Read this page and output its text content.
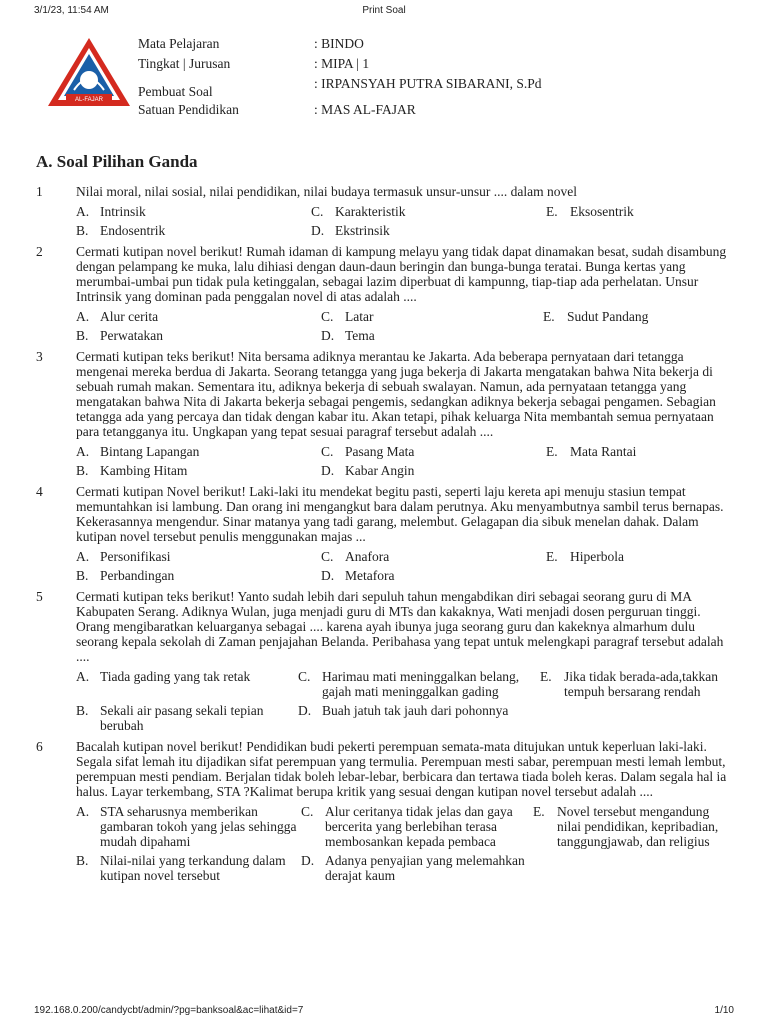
3/1/23, 11:54 AM	Print Soal
AL-FAJAR
Mata Pelajaran	: BINDO
Tingkat | Jurusan	: MIPA | 1
Pembuat Soal
: IRPANSYAH PUTRA SIBARANI, S.Pd
Satuan Pendidikan	: MAS AL-FAJAR
A. Soal Pilihan Ganda
1	Nilai moral, nilai sosial, nilai pendidikan, nilai budaya termasuk unsur-unsur .... dalam novel
A. Intrinsik	C. Karakteristik	E. Eksosentrik
B. Endosentrik	D. Ekstrinsik
2	Cermati kutipan novel berikut! Rumah idaman di kampung melayu yang tidak dapat dinamakan besat, sudah disambung dengan pelampang ke muka, lalu dihiasi dengan daun-daun beringin dan bunga-bunga teratai. Bunga kertas yang merumbai-umbai pun tidak pula ketinggalan, sebagai lazim diperbuat di kampunng, tiap-tiap ada perhelatan. Unsur Intrinsik yang dominan pada penggalan novel di atas adalah ....
A. Alur cerita	C. Latar	E. Sudut Pandang
B. Perwatakan	D. Tema
3	Cermati kutipan teks berikut! Nita bersama adiknya merantau ke Jakarta. Ada beberapa pernyataan dari tetangga mengenai mereka berdua di Jakarta. Seorang tetangga yang juga bekerja di Jakarta mengatakan bahwa Nita bekerja di sebuah rumah makan. Sementara itu, adiknya bekerja di sebuah swalayan. Namun, ada pernyataan tetangga yang mengatakan bahwa Nita di Jakarta bekerja sebagai pengemis, sedangkan adiknya bekerja sebagai pengamen. Sebagian tetangga ada yang percaya dan tidak dengan kabar itu. Akan tetapi, pihak keluarga Nita membantah semua pernyataan para tetangganya itu. Ungkapan yang tepat sesuai paragraf tersebut adalah ....
A. Bintang Lapangan	C. Pasang Mata	E. Mata Rantai
B. Kambing Hitam	D. Kabar Angin
4	Cermati kutipan Novel berikut! Laki-laki itu mendekat begitu pasti, seperti laju kereta api menuju stasiun tempat memuntahkan isi lambung. Dan orang ini mengangkut bara dalam perutnya. Aku menyambutnya sambil terus bernapas. Kekerasannya mengendur. Sinar matanya yang tadi garang, melembut. Gelagapan dia sibuk menelan dahak. Dalam kutipan novel tersebut penulis menggunakan majas ...
A. Personifikasi	C. Anafora	E. Hiperbola
B. Perbandingan	D. Metafora
5	Cermati kutipan teks berikut! Yanto sudah lebih dari sepuluh tahun mengabdikan diri sebagai seorang guru di MA Kabupaten Serang. Adiknya Wulan, juga menjadi guru di MTs dan kakaknya, Wati menjadi dosen perguruan tinggi. Orang mengibaratkan keluarganya sebagai .... karena ayah ibunya juga seorang guru dan kakeknya almarhum dulu seorang kepala sekolah di Zaman penjajahan Belanda. Peribahasa yang tepat untuk melengkapi paragraf tersebut adalah ....
A. Tiada gading yang tak retak	C. Harimau mati meninggalkan belang, gajah mati meninggalkan gading
E. Jika tidak berada-ada,takkan tempuh bersarang rendah
B. Sekali air pasang sekali tepian berubah
D. Buah jatuh tak jauh dari pohonnya
6	Bacalah kutipan novel berikut! Pendidikan budi pekerti perempuan semata-mata ditujukan untuk keperluan laki-laki. Segala sifat lemah itu dijadikan sifat perempuan yang termulia. Perempuan mesti sabar, perempuan mesti lemah lembut, perempuan mesti pendiam. Berjalan tidak boleh lebar-lebar, berbicara dan tertawa tiada boleh keras. Dalam segala hal ia halus. Layar terkembang, STA ?Kalimat berupa kritik yang sesuai dengan kutipan novel tersebut adalah ....
A. STA seharusnya memberikan gambaran tokoh yang jelas sehingga mudah dipahami
C. Alur ceritanya tidak jelas dan gaya bercerita yang berlebihan terasa membosankan kepada pembaca
E. Novel tersebut mengandung nilai pendidikan, kepribadian, tanggungjawab, dan religius
B. Nilai-nilai yang terkandung dalam kutipan novel tersebut
D. Adanya penyajian yang melemahkan derajat kaum
192.168.0.200/candycbt/admin/?pg=banksoal&ac=lihat&id=7	1/10
